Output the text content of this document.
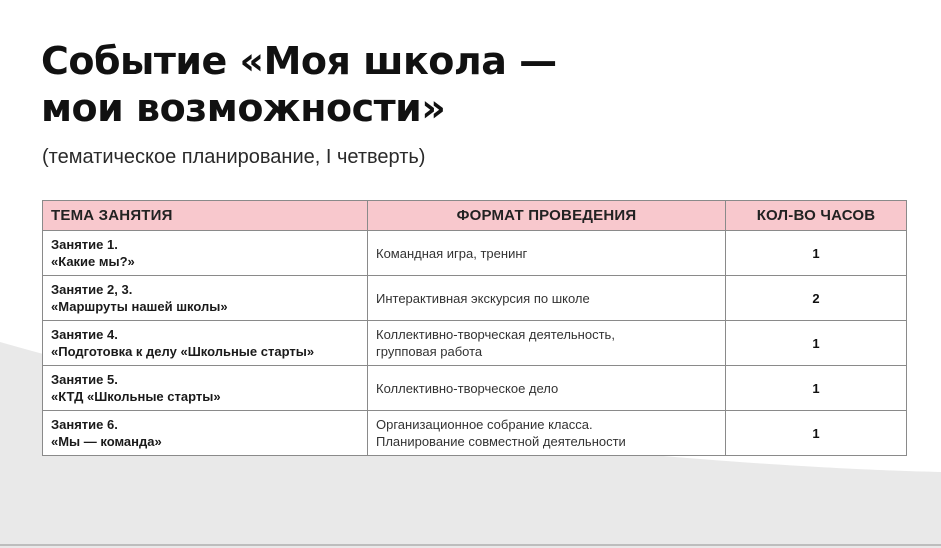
Событие «Моя школа —
мои возможности»
(тематическое планирование, I четверть)
ТЕМА ЗАНЯТИЯ	ФОРМАТ ПРОВЕДЕНИЯ	КОЛ-ВО ЧАСОВ

Занятие 1.
«Какие мы?»	Командная игра, тренинг	1

Занятие 2, 3.
«Маршруты нашей школы»	Интерактивная экскурсия по школе	2

Занятие 4.
«Подготовка к делу «Школьные старты»	Коллективно-творческая деятельность,
групповая работа	1

Занятие 5.
«КТД «Школьные старты»	Коллективно-творческое дело	1

Занятие 6.
«Мы — команда»	Организационное собрание класса.
Планирование совместной деятельности	1
